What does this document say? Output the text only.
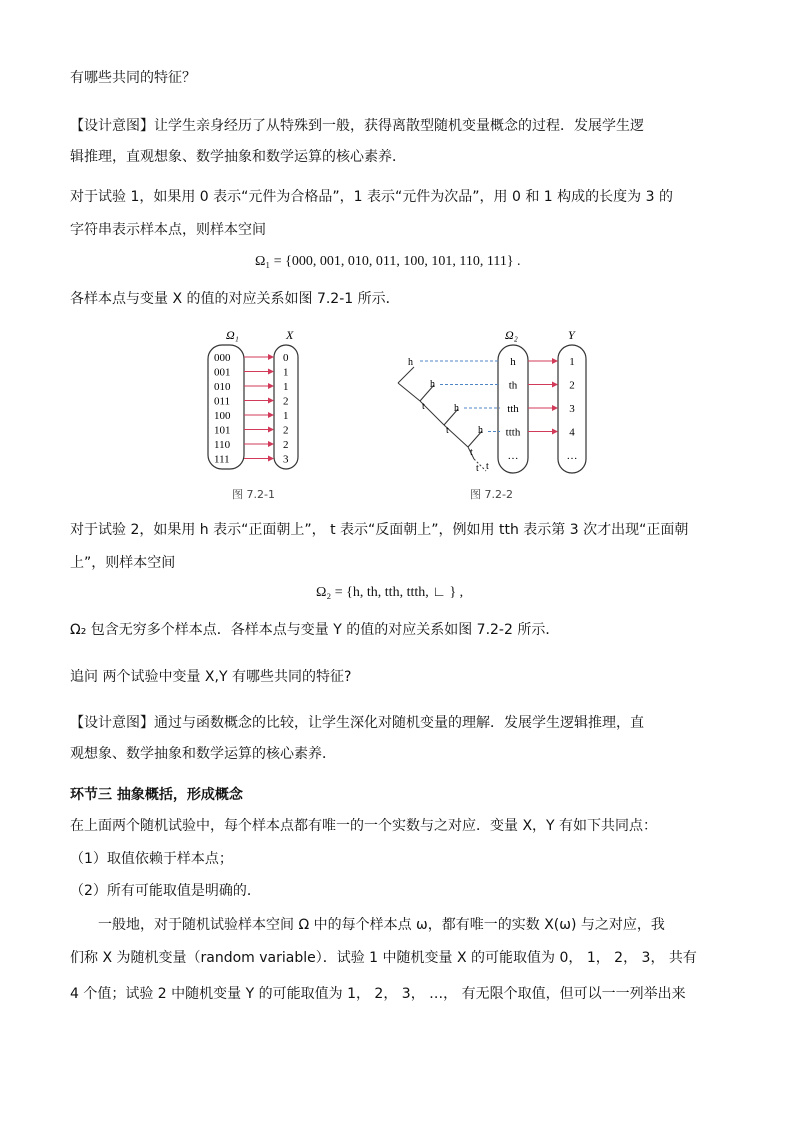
有哪些共同的特征？
【设计意图】让学生亲身经历了从特殊到一般，获得离散型随机变量概念的过程．发展学生逻
辑推理，直观想象、数学抽象和数学运算的核心素养．
对于试验 1，如果用 0 表示“元件为合格品”，1 表示“元件为次品”，用 0 和 1 构成的长度为 3 的
字符串表示样本点，则样本空间
Ω₁ = {000, 001, 010, 011, 100, 101, 110, 111} .
各样本点与变量 X 的值的对应关系如图 7.2-1 所示．
Ω₁	X
000	0
001	1
010	1
011	2
100	1
101	2
110	2
111	3
图 7.2-1
Ω₂	Y
h	1
th	2
tth	3
ttth	4
…	…
h
t
h
t
h
t
h
t t
图 7.2-2
对于试验 2，如果用 h 表示“正面朝上”， t 表示“反面朝上”，例如用 tth 表示第 3 次才出现“正面朝
上”，则样本空间
Ω₂ = {h, th, tth, ttth, ∟ } ,
Ω₂ 包含无穷多个样本点．各样本点与变量 Y 的值的对应关系如图 7.2-2 所示．
追问 两个试验中变量 X,Y 有哪些共同的特征?
【设计意图】通过与函数概念的比较，让学生深化对随机变量的理解．发展学生逻辑推理，直
观想象、数学抽象和数学运算的核心素养．
环节三 抽象概括，形成概念
在上面两个随机试验中，每个样本点都有唯一的一个实数与之对应．变量 X，Y 有如下共同点：
（1）取值依赖于样本点；
（2）所有可能取值是明确的．
一般地，对于随机试验样本空间 Ω 中的每个样本点 ω，都有唯一的实数 X(ω) 与之对应，我
们称 X 为随机变量（random variable）．试验 1 中随机变量 X 的可能取值为 0， 1， 2， 3， 共有
4 个值；试验 2 中随机变量 Y 的可能取值为 1， 2， 3， …， 有无限个取值，但可以一一列举出来
